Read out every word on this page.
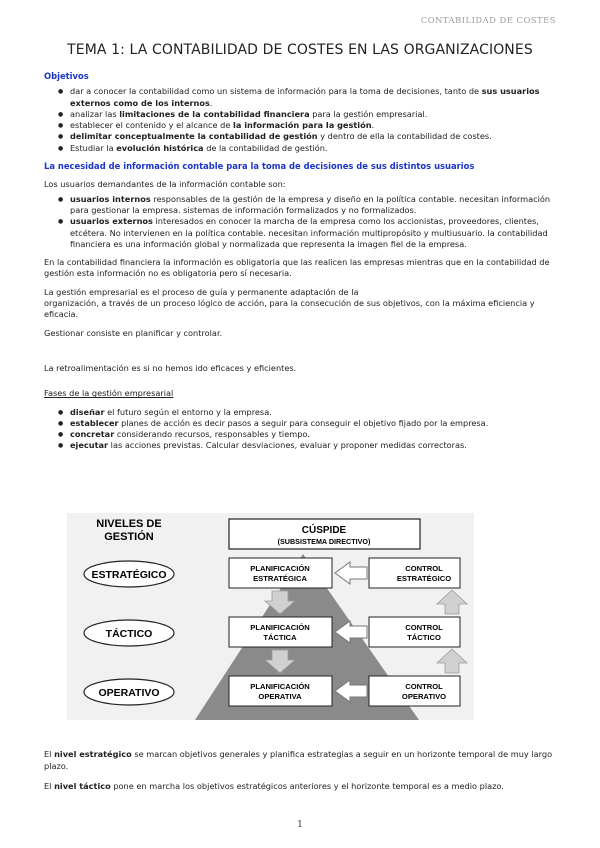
CONTABILIDAD DE COSTES
TEMA 1: LA CONTABILIDAD DE COSTES EN LAS ORGANIZACIONES
Objetivos
● dar a conocer la contabilidad como un sistema de información para la toma de decisiones, tanto de sus usuarios externos como de los internos.
● analizar las limitaciones de la contabilidad financiera para la gestión empresarial.
● establecer el contenido y el alcance de la información para la gestión.
● delimitar conceptualmente la contabilidad de gestión y dentro de ella la contabilidad de costes.
● Estudiar la evolución histórica de la contabilidad de gestión.
La necesidad de información contable para la toma de decisiones de sus distintos usuarios

Los usuarios demandantes de la información contable son:

● usuarios internos responsables de la gestión de la empresa y diseño en la política contable. necesitan información para gestionar la empresa. sistemas de información formalizados y no formalizados.
● usuarios externos interesados en conocer la marcha de la empresa como los accionistas, proveedores, clientes, etcétera. No intervienen en la política contable. necesitan información multipropósito y multiusuario. la contabilidad financiera es una información global y normalizada que representa la imagen fiel de la empresa.

En la contabilidad financiera la información es obligatoria que las realicen las empresas mientras que en la contabilidad de gestión esta información no es obligatoria pero sí necesaria.

La gestión empresarial es el proceso de guía y permanente adaptación de la

organización, a través de un proceso lógico de acción, para la consecución de sus objetivos, con la máxima eficiencia y eficacia.

Gestionar consiste en planificar y controlar.

La retroalimentación es si no hemos ido eficaces y eficientes.

Fases de la gestión empresarial
● diseñar el futuro según el entorno y la empresa.
● establecer planes de acción es decir pasos a seguir para conseguir el objetivo fijado por la empresa.
● concretar considerando recursos, responsables y tiempo.
● ejecutar las acciones previstas. Calcular desviaciones, evaluar y proponer medidas correctoras.
CÚSPIDE
(SUBSISTEMA DIRECTIVO)
NIVELES DE
GESTIÓN
ESTRATÉGICO
TÁCTICO
OPERATIVO
PLANIFICACIÓN
ESTRATÉGICA
CONTROL
ESTRATÉGICO
PLANIFICACIÓN
TÁCTICA
CONTROL
TÁCTICO
PLANIFICACIÓN
OPERATIVA
CONTROL
OPERATIVO

El nivel estratégico se marcan objetivos generales y planifica estrategias a seguir en un horizonte temporal de muy largo plazo.

El nivel táctico pone en marcha los objetivos estratégicos anteriores y el horizonte temporal es a medio plazo.

1
